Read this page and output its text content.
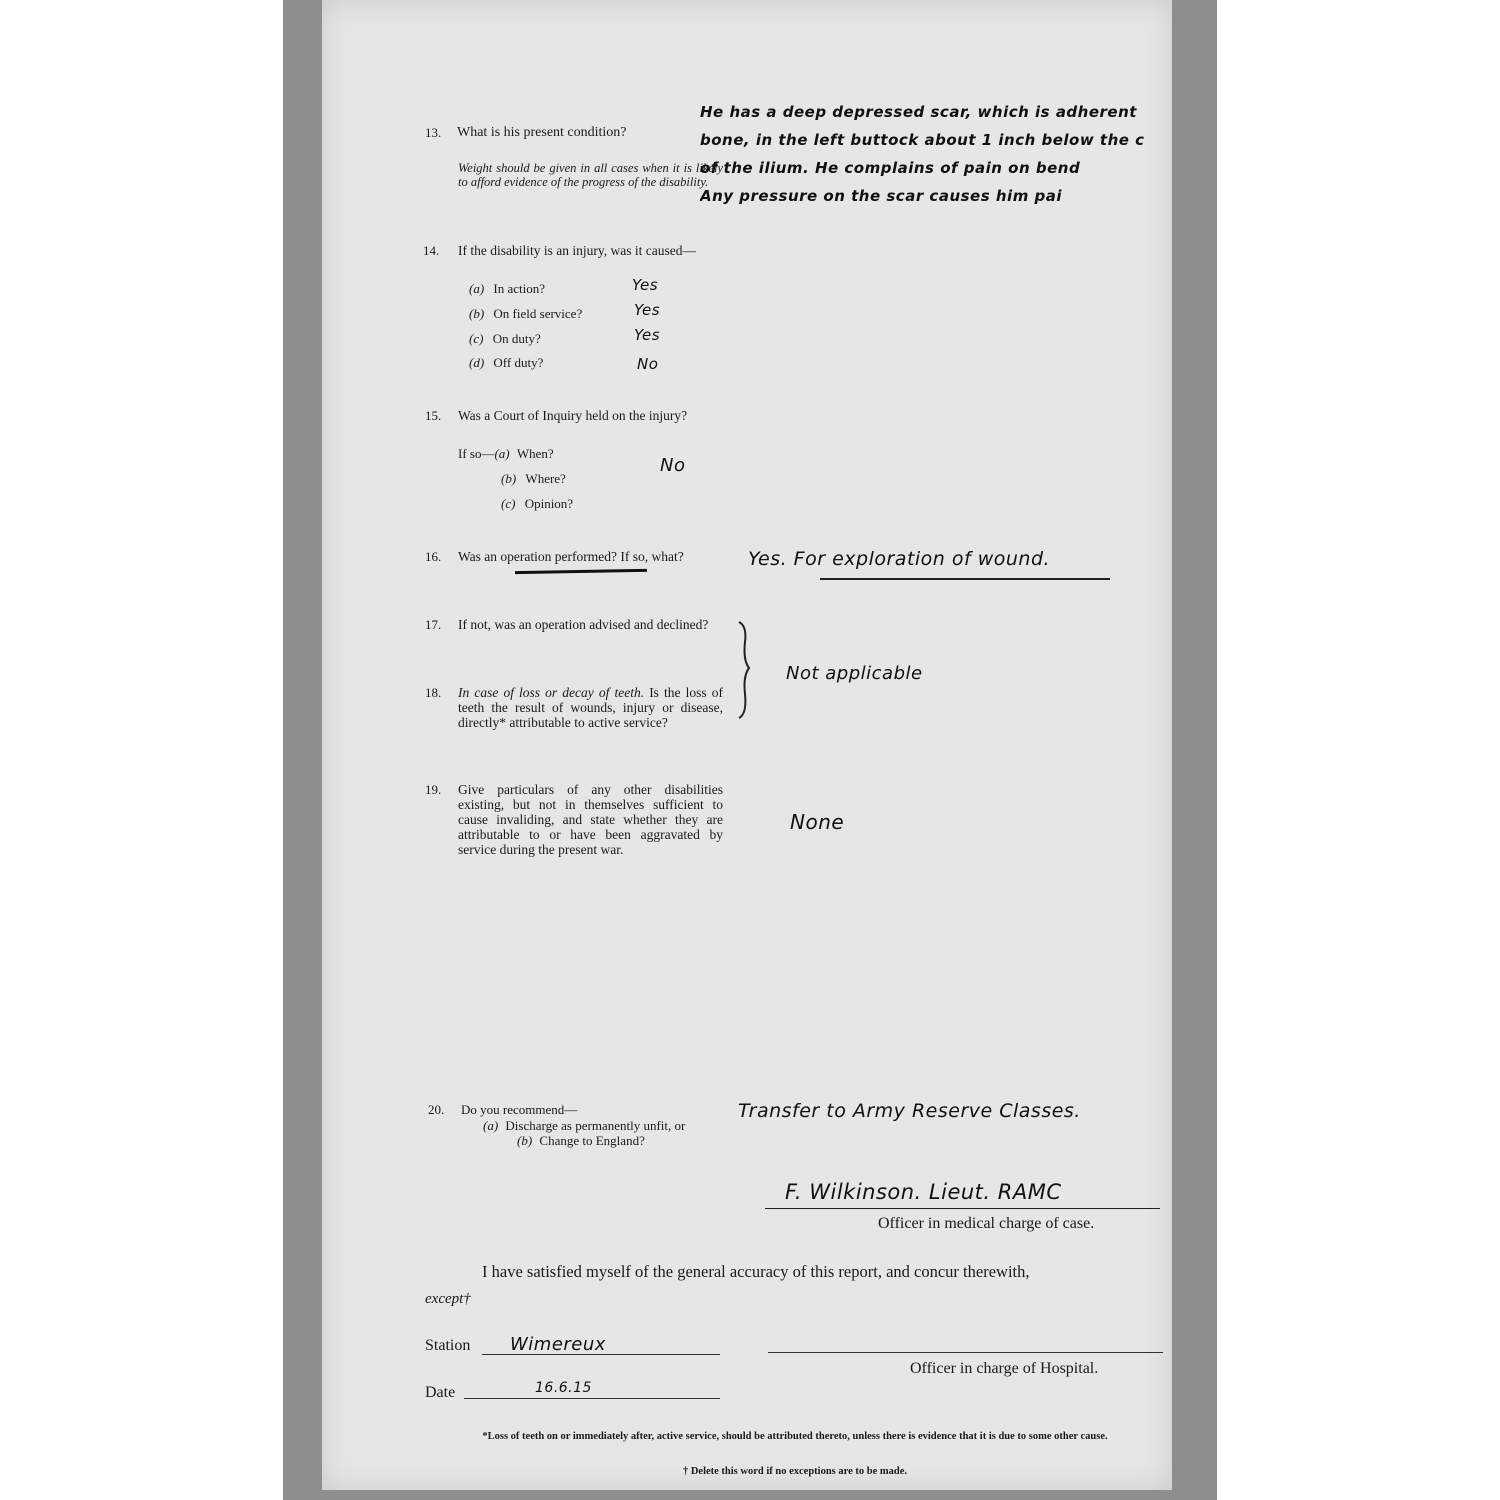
13. What is his present condition?
Weight should be given in all cases when it is likely to afford evidence of the progress of the disability.
He has a deep depressed scar, which is adherent
bone, in the left buttock about 1 inch below the c
of the ilium. He complains of pain on bend
Any pressure on the scar causes him pai
14. If the disability is an injury, was it caused—
(a) In action?	Yes
(b) On field service?	Yes
(c) On duty?	Yes
(d) Off duty?	No
15. Was a Court of Inquiry held on the injury?
If so—(a) When?
(b) Where?
(c) Opinion?
No
16. Was an operation performed? If so, what?	Yes. For exploration of wound.
17. If not, was an operation advised and declined?
18. In case of loss or decay of teeth. Is the loss of teeth the result of wounds, injury or disease, directly* attributable to active service?
Not applicable
19. Give particulars of any other disabilities existing, but not in themselves sufficient to cause invaliding, and state whether they are attributable to or have been aggravated by service during the present war.
None
20. Do you recommend—
(a) Discharge as permanently unfit, or
(b) Change to England?
Transfer to Army Reserve Classes.
F. Wilkinson. Lieut. RAMC
Officer in medical charge of case.
I have satisfied myself of the general accuracy of this report, and concur therewith,
except†
Station Wimereux
Officer in charge of Hospital.
Date	16.6.15
*Loss of teeth on or immediately after, active service, should be attributed thereto, unless there is evidence that it is due to some other cause.
† Delete this word if no exceptions are to be made.
